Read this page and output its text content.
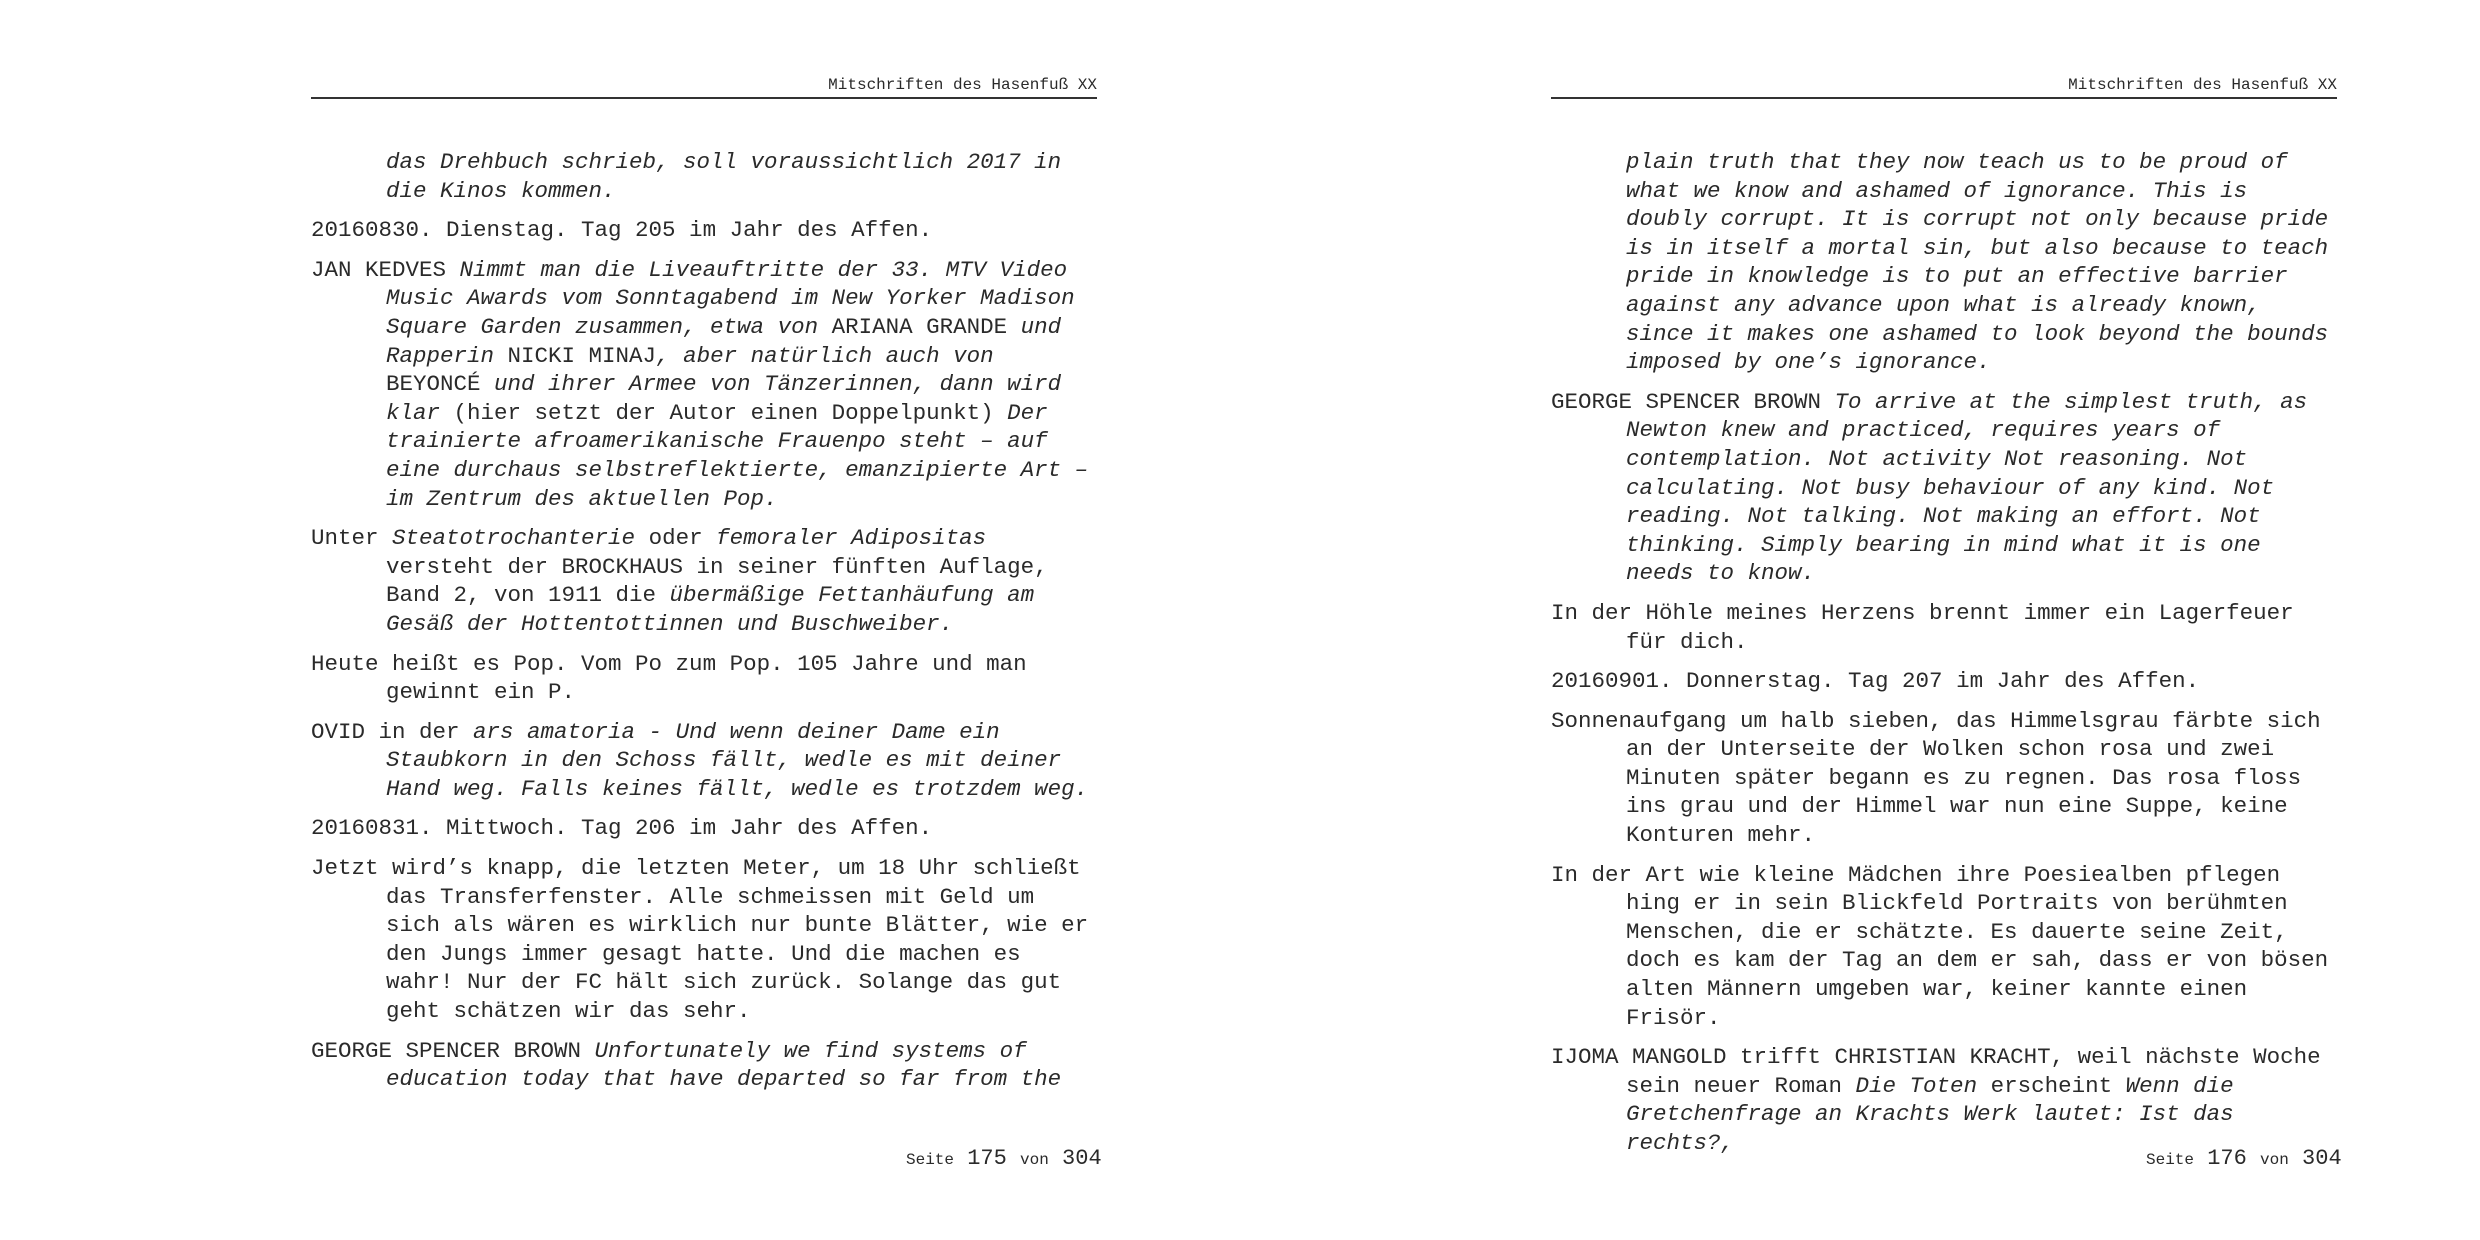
Mitschriften des Hasenfuß XX
das Drehbuch schrieb, soll voraussichtlich 2017 in die Kinos kommen.
20160830. Dienstag. Tag 205 im Jahr des Affen.
JAN KEDVES Nimmt man die Liveauftritte der 33. MTV Video Music Awards vom Sonntagabend im New Yorker Madison Square Garden zusammen, etwa von ARIANA GRANDE und Rapperin NICKI MINAJ, aber natürlich auch von BEYONCÉ und ihrer Armee von Tänzerinnen, dann wird klar (hier setzt der Autor einen Doppelpunkt) Der trainierte afroamerikanische Frauenpo steht – auf eine durchaus selbstreflektierte, emanzipierte Art – im Zentrum des aktuellen Pop.
Unter Steatotrochanterie oder femoraler Adipositas versteht der BROCKHAUS in seiner fünften Auflage, Band 2, von 1911 die übermäßige Fettanhäufung am Gesäß der Hottentottinnen und Buschweiber.
Heute heißt es Pop. Vom Po zum Pop. 105 Jahre und man gewinnt ein P.
OVID in der ars amatoria - Und wenn deiner Dame ein Staubkorn in den Schoss fällt, wedle es mit deiner Hand weg. Falls keines fällt, wedle es trotzdem weg.
20160831. Mittwoch. Tag 206 im Jahr des Affen.
Jetzt wird’s knapp, die letzten Meter, um 18 Uhr schließt das Transferfenster. Alle schmeissen mit Geld um sich als wären es wirklich nur bunte Blätter, wie er den Jungs immer gesagt hatte. Und die machen es wahr! Nur der FC hält sich zurück. Solange das gut geht schätzen wir das sehr.
GEORGE SPENCER BROWN Unfortunately we find systems of education today that have departed so far from the
Seite 175 von 304
Mitschriften des Hasenfuß XX
plain truth that they now teach us to be proud of what we know and ashamed of ignorance. This is doubly corrupt. It is corrupt not only because pride is in itself a mortal sin, but also because to teach pride in knowledge is to put an effective barrier against any advance upon what is already known, since it makes one ashamed to look beyond the bounds imposed by one’s ignorance.
GEORGE SPENCER BROWN To arrive at the simplest truth, as Newton knew and practiced, requires years of contemplation. Not activity Not reasoning. Not calculating. Not busy behaviour of any kind. Not reading. Not talking. Not making an effort. Not thinking. Simply bearing in mind what it is one needs to know.
In der Höhle meines Herzens brennt immer ein Lagerfeuer für dich.
20160901. Donnerstag. Tag 207 im Jahr des Affen.
Sonnenaufgang um halb sieben, das Himmelsgrau färbte sich an der Unterseite der Wolken schon rosa und zwei Minuten später begann es zu regnen. Das rosa floss ins grau und der Himmel war nun eine Suppe, keine Konturen mehr.
In der Art wie kleine Mädchen ihre Poesiealben pflegen hing er in sein Blickfeld Portraits von berühmten Menschen, die er schätzte. Es dauerte seine Zeit, doch es kam der Tag an dem er sah, dass er von bösen alten Männern umgeben war, keiner kannte einen Frisör.
IJOMA MANGOLD trifft CHRISTIAN KRACHT, weil nächste Woche sein neuer Roman Die Toten erscheint Wenn die Gretchenfrage an Krachts Werk lautet: Ist das rechts?,
Seite 176 von 304
